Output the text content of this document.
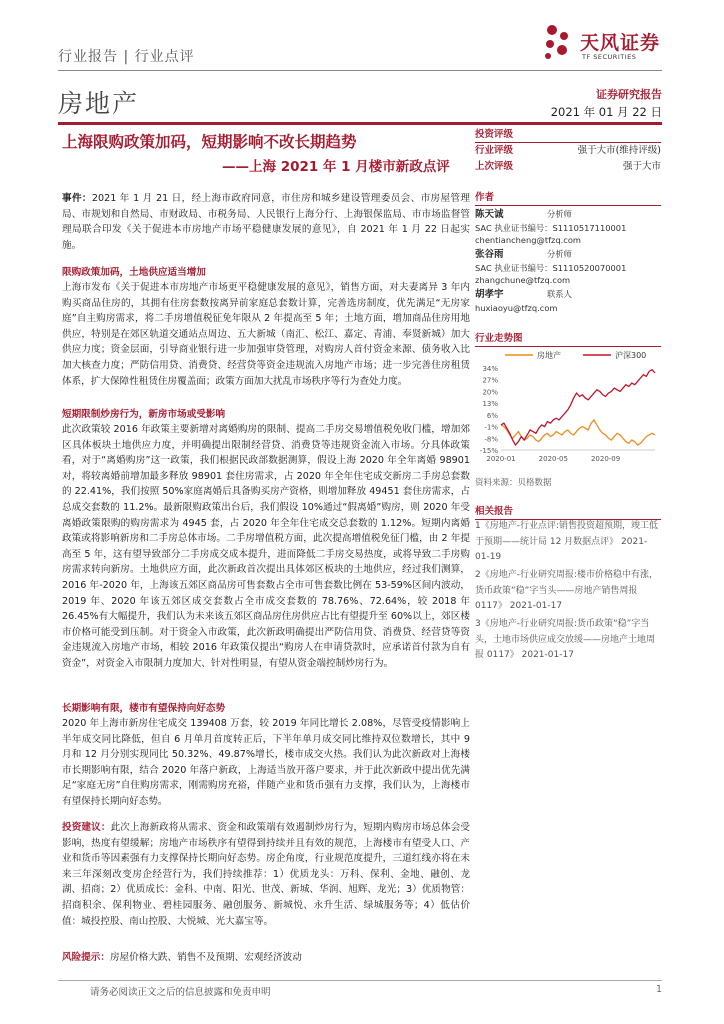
行业报告 | 行业点评
天风证券
TF SECURITIES
房地产	证券研究报告
2021 年 01 月 22 日
上海限购政策加码，短期影响不改长期趋势
——上海 2021 年 1 月楼市新政点评
事件：2021 年 1 月 21 日，经上海市政府同意，市住房和城乡建设管理委员会、市房屋管理局、市规划和自然局、市财政局、市税务局、人民银行上海分行、上海银保监局、市市场监督管理局联合印发《关于促进本市房地产市场平稳健康发展的意见》，自 2021 年 1 月 22 日起实施。
限购政策加码，土地供应适当增加
上海市发布《关于促进本市房地产市场更平稳健康发展的意见》，销售方面，对夫妻离异 3 年内购买商品住房的，其拥有住房套数按离异前家庭总套数计算，完善选房制度，优先满足“无房家庭”自主购房需求，将二手房增值税征免年限从 2 年提高至 5 年；土地方面，增加商品住房用地供应，特别是在郊区轨道交通站点周边、五大新城（南汇、松江、嘉定、青浦、奉贤新城）加大供应力度；资金层面，引导商业银行进一步加强审贷管理，对购房人首付资金来源、债务收入比加大核查力度；严防信用贷、消费贷、经营贷等资金违规流入房地产市场；进一步完善住房租赁体系，扩大保障性租赁住房覆盖面；政策方面加大扰乱市场秩序等行为查处力度。
短期限制炒房行为，新房市场或受影响
此次政策较 2016 年政策主要新增对离婚购房的限制、提高二手房交易增值税免收门槛，增加郊区具体板块土地供应力度，并明确提出限制经营贷、消费贷等违规资金流入市场。分具体政策看，对于“离婚购房”这一政策，我们根据民政部数据测算，假设上海 2020 年全年离婚 98901 对，将较离婚前增加最多释放 98901 套住房需求，占 2020 年全年住宅成交新房二手房总套数的 22.41%，我们按照 50%家庭离婚后具备购买房产资格，则增加释放 49451 套住房需求，占总成交套数的 11.2%。最新限购政策出台后，我们假设 10%通过“假离婚”购房，则 2020 年受离婚政策限购的购房需求为 4945 套，占 2020 年全年住宅成交总套数的 1.12%。短期内离婚政策或将影响新房和二手房总体市场。二手房增值税方面，此次提高增值税免征门槛，由 2 年提高至 5 年，这有望导致部分二手房成交成本提升，进而降低二手房交易热度，或将导致二手房购房需求转向新房。土地供应方面，此次新政首次提出具体郊区板块的土地供应，经过我们测算，2016 年-2020 年，上海该五郊区商品房可售套数占全市可售套数比例在 53-59%区间内波动，2019 年、2020 年该五郊区成交套数占全市成交套数的 78.76%、72.64%，较 2018 年 26.45%有大幅提升，我们认为未来该五郊区商品房住房供应占比有望提升至 60%以上，郊区楼市价格可能受到压制。对于资金入市政策，此次新政明确提出严防信用贷、消费贷、经营贷等资金违规流入房地产市场，相较 2016 年政策仅提出“购房人在申请贷款时，应承诺首付款为自有资金”，对资金入市限制力度加大、针对性明显，有望从资金端控制炒房行为。
长期影响有限，楼市有望保持向好态势
2020 年上海市新房住宅成交 139408 万套，较 2019 年同比增长 2.08%，尽管受疫情影响上半年成交同比降低，但自 6 月单月首度转正后，下半年单月成交同比维持双位数增长，其中 9 月和 12 月分别实现同比 50.32%、49.87%增长，楼市成交火热。我们认为此次新政对上海楼市长期影响有限，结合 2020 年落户新政，上海适当放开落户要求，并于此次新政中提出优先满足“家庭无房”自住购房需求，刚需购房充裕，伴随产业和货币强有力支撑，我们认为，上海楼市有望保持长期向好态势。
投资建议：此次上海新政将从需求、资金和政策端有效遏制炒房行为，短期内购房市场总体会受影响，热度有望缓解；房地产市场秩序有望得到持续并且有效的规范，上海楼市有望受人口、产业和货币等因素强有力支撑保持长期向好态势。房企角度，行业规范度提升，三道红线亦将在未来三年深刻改变房企经营行为，我们持续推荐：1）优质龙头：万科、保利、金地、融创、龙湖、招商；2）优质成长：金科、中南、阳光、世茂、新城、华润、旭辉、龙光；3）优质物管：招商积余、保利物业、碧桂园服务、融创服务、新城悦、永升生活、绿城服务等；4）低估价值：城投控股、南山控股、大悦城、光大嘉宝等。
风险提示：房屋价格大跌、销售不及预期、宏观经济波动
投资评级
行业评级	强于大市(维持评级)
上次评级	强于大市
作者
陈天诚	分析师
SAC 执业证书编号：S1110517110001
chentiancheng@tfzq.com
张谷雨	分析师
SAC 执业证书编号：S1110520070001
zhangchune@tfzq.com
胡孝宇	联系人
huxiaoyu@tfzq.com
行业走势图
房地产	沪深300
-15%
-8%
-1%
6%
13%
20%
27%
34%
2020-01	2020-05	2020-09
资料来源：贝格数据
相关报告
1《房地产-行业点评:销售投资超预期，竣工低于预期——统计局 12 月数据点评》 2021-01-19
2《房地产-行业研究周报:楼市价格稳中有涨，货币政策“稳”字当头——房地产销售周报 0117》 2021-01-17
3《房地产-行业研究周报:货币政策“稳”字当头，土地市场供应成交放缓——房地产土地周报 0117》 2021-01-17
请务必阅读正文之后的信息披露和免责申明	1
